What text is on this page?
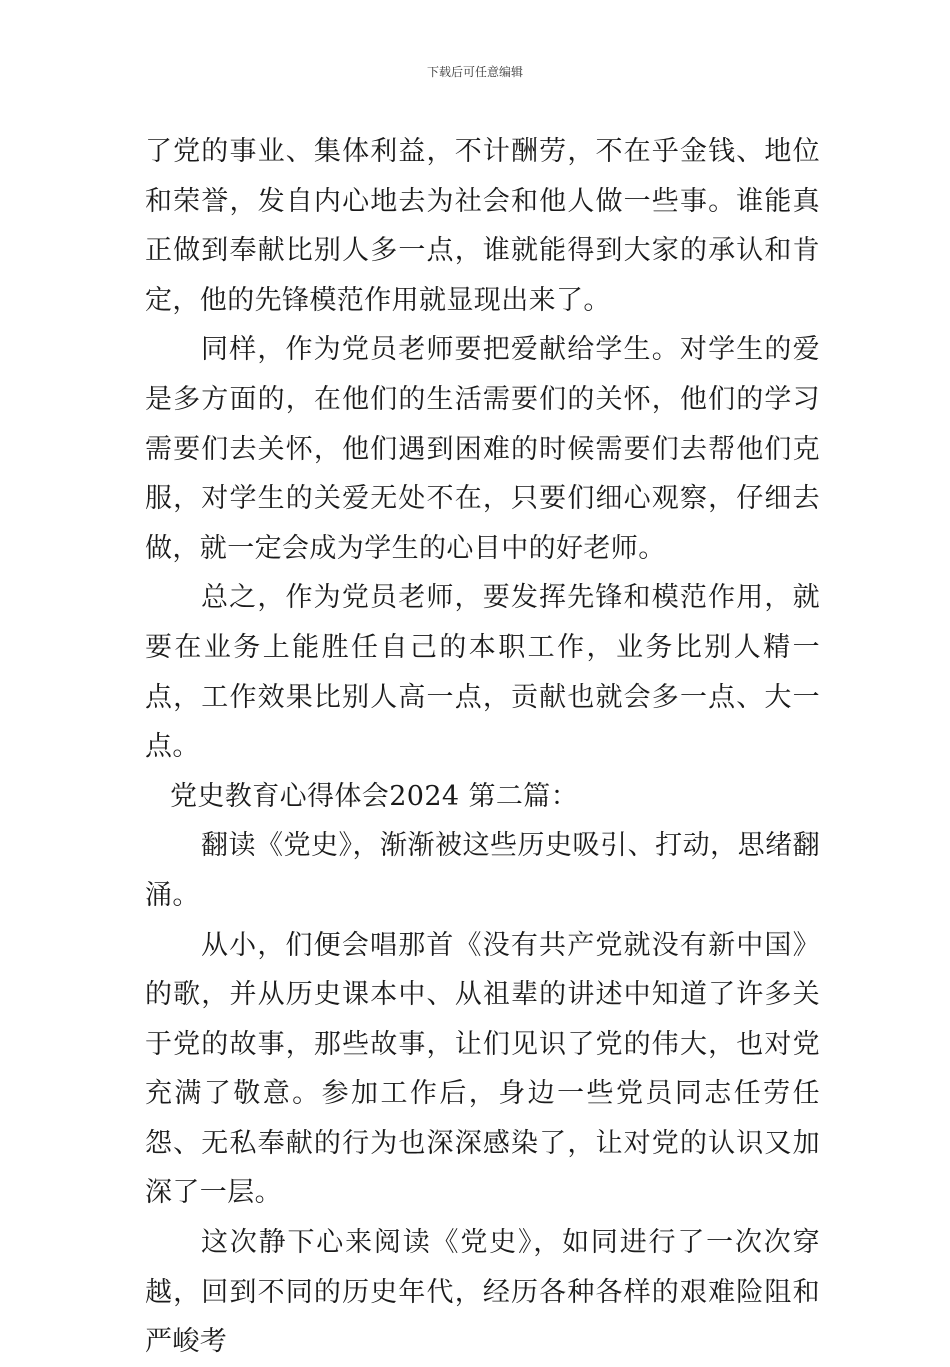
下载后可任意编辑

了党的事业、集体利益，不计酬劳，不在乎金钱、地位和荣誉，发自内心地去为社会和他人做一些事。谁能真正做到奉献比别人多一点，谁就能得到大家的承认和肯定，他的先锋模范作用就显现出来了。

同样，作为党员老师要把爱献给学生。对学生的爱是多方面的，在他们的生活需要们的关怀，他们的学习需要们去关怀，他们遇到困难的时候需要们去帮他们克服，对学生的关爱无处不在，只要们细心观察，仔细去做，就一定会成为学生的心目中的好老师。

总之，作为党员老师，要发挥先锋和模范作用，就要在业务上能胜任自己的本职工作，业务比别人精一点，工作效果比别人高一点，贡献也就会多一点、大一点。

党史教育心得体会2024 第二篇：

翻读《党史》，渐渐被这些历史吸引、打动，思绪翻涌。

从小，们便会唱那首《没有共产党就没有新中国》的歌，并从历史课本中、从祖辈的讲述中知道了许多关于党的故事，那些故事，让们见识了党的伟大，也对党充满了敬意。参加工作后，身边一些党员同志任劳任怨、无私奉献的行为也深深感染了，让对党的认识又加深了一层。

这次静下心来阅读《党史》，如同进行了一次次穿越，回到不同的历史年代，经历各种各样的艰难险阻和严峻考
